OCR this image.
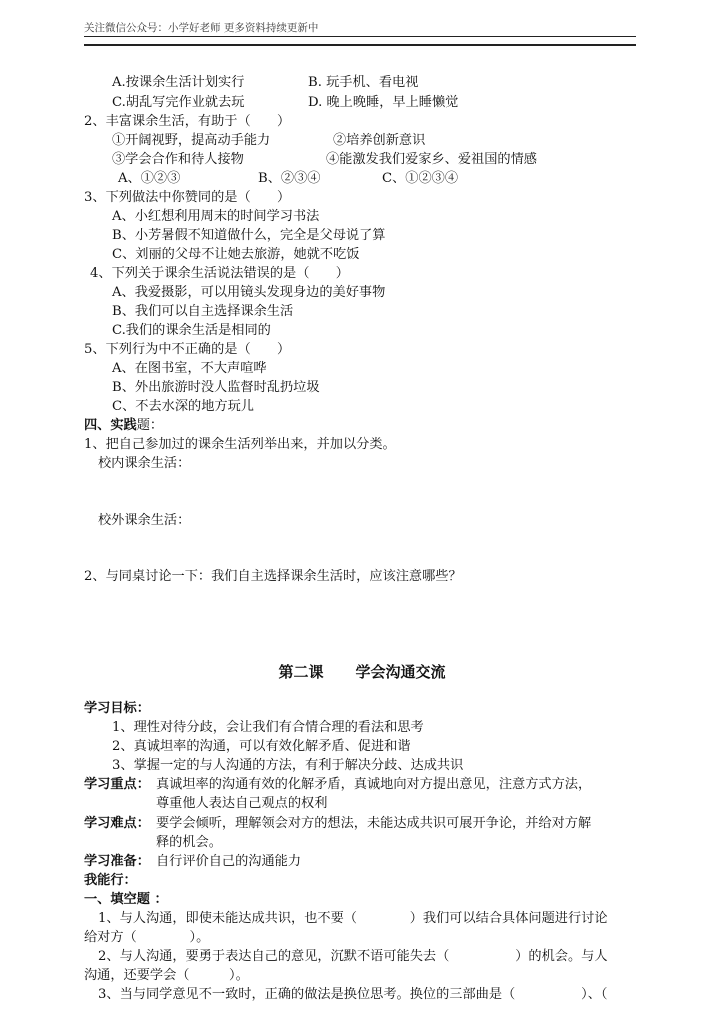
关注微信公众号：小学好老师 更多资料持续更新中
A.按课余生活计划实行	B. 玩手机、看电视
C.胡乱写完作业就去玩	D. 晚上晚睡，早上睡懒觉
2、丰富课余生活，有助于（　　）
①开阔视野，提高动手能力	②培养创新意识
③学会合作和待人接物	④能激发我们爱家乡、爱祖国的情感
A、①②③	B、②③④	C、①②③④
3、下列做法中你赞同的是（　　）
A、小红想利用周末的时间学习书法
B、小芳暑假不知道做什么，完全是父母说了算
C、刘丽的父母不让她去旅游，她就不吃饭
4、下列关于课余生活说法错误的是（　　）
A、我爱摄影，可以用镜头发现身边的美好事物
B、我们可以自主选择课余生活
C.我们的课余生活是相同的
5、下列行为中不正确的是（　　）
A、在图书室，不大声喧哗
B、外出旅游时没人监督时乱扔垃圾
C、不去水深的地方玩儿
四、实践题：
1、把自己参加过的课余生活列举出来，并加以分类。
校内课余生活：
校外课余生活：
2、与同桌讨论一下：我们自主选择课余生活时，应该注意哪些？
第二课 学会沟通交流
学习目标：
1、理性对待分歧，会让我们有合情合理的看法和思考
2、真诚坦率的沟通，可以有效化解矛盾、促进和谐
3、掌握一定的与人沟通的方法，有利于解决分歧、达成共识
学习重点： 真诚坦率的沟通有效的化解矛盾，真诚地向对方提出意见，注意方式方法，
尊重他人表达自己观点的权利
学习难点： 要学会倾听，理解领会对方的想法，未能达成共识可展开争论，并给对方解
释的机会。
学习准备： 自行评价自己的沟通能力
我能行：
一、填空题 ：
1、与人沟通，即使未能达成共识，也不要（　　　　）我们可以结合具体问题进行讨论
给对方（　　　　）。
2、与人沟通，要勇于表达自己的意见，沉默不语可能失去（　　　　　）的机会。与人
沟通，还要学会（　　　）。
3、当与同学意见不一致时，正确的做法是换位思考。换位的三部曲是（　　　　　）、（
